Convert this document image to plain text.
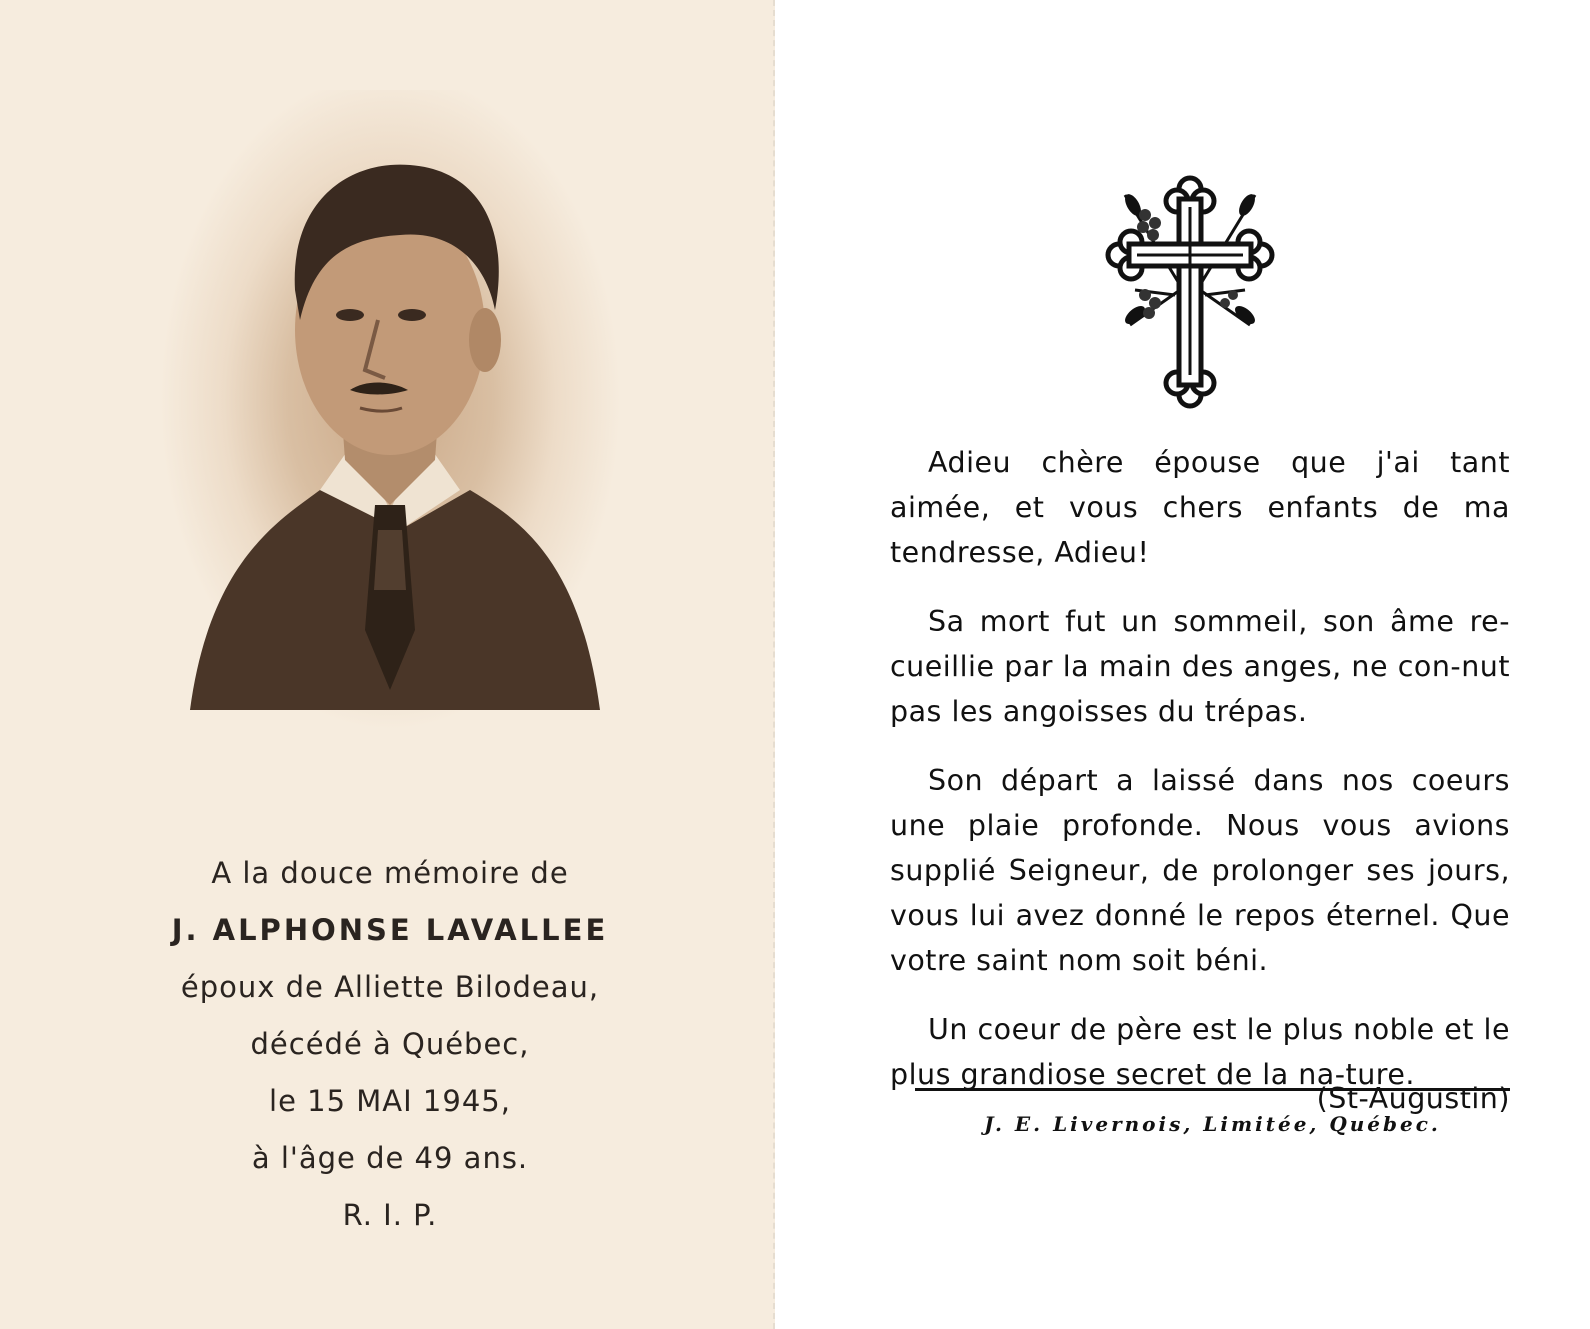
A la douce mémoire de
J. ALPHONSE LAVALLEE
époux de Alliette Bilodeau,
décédé à Québec,
le 15 MAI 1945,
à l'âge de 49 ans.
R. I. P.

Adieu chère épouse que j'ai tant aimée, et vous chers enfants de ma tendresse, Adieu!

Sa mort fut un sommeil, son âme re-cueillie par la main des anges, ne con-nut pas les angoisses du trépas.

Son départ a laissé dans nos coeurs une plaie profonde. Nous vous avions supplié Seigneur, de prolonger ses jours, vous lui avez donné le repos éternel. Que votre saint nom soit béni.

Un coeur de père est le plus noble et le plus grandiose secret de la na-ture.

(St-Augustin)

J. E. Livernois, Limitée, Québec.
